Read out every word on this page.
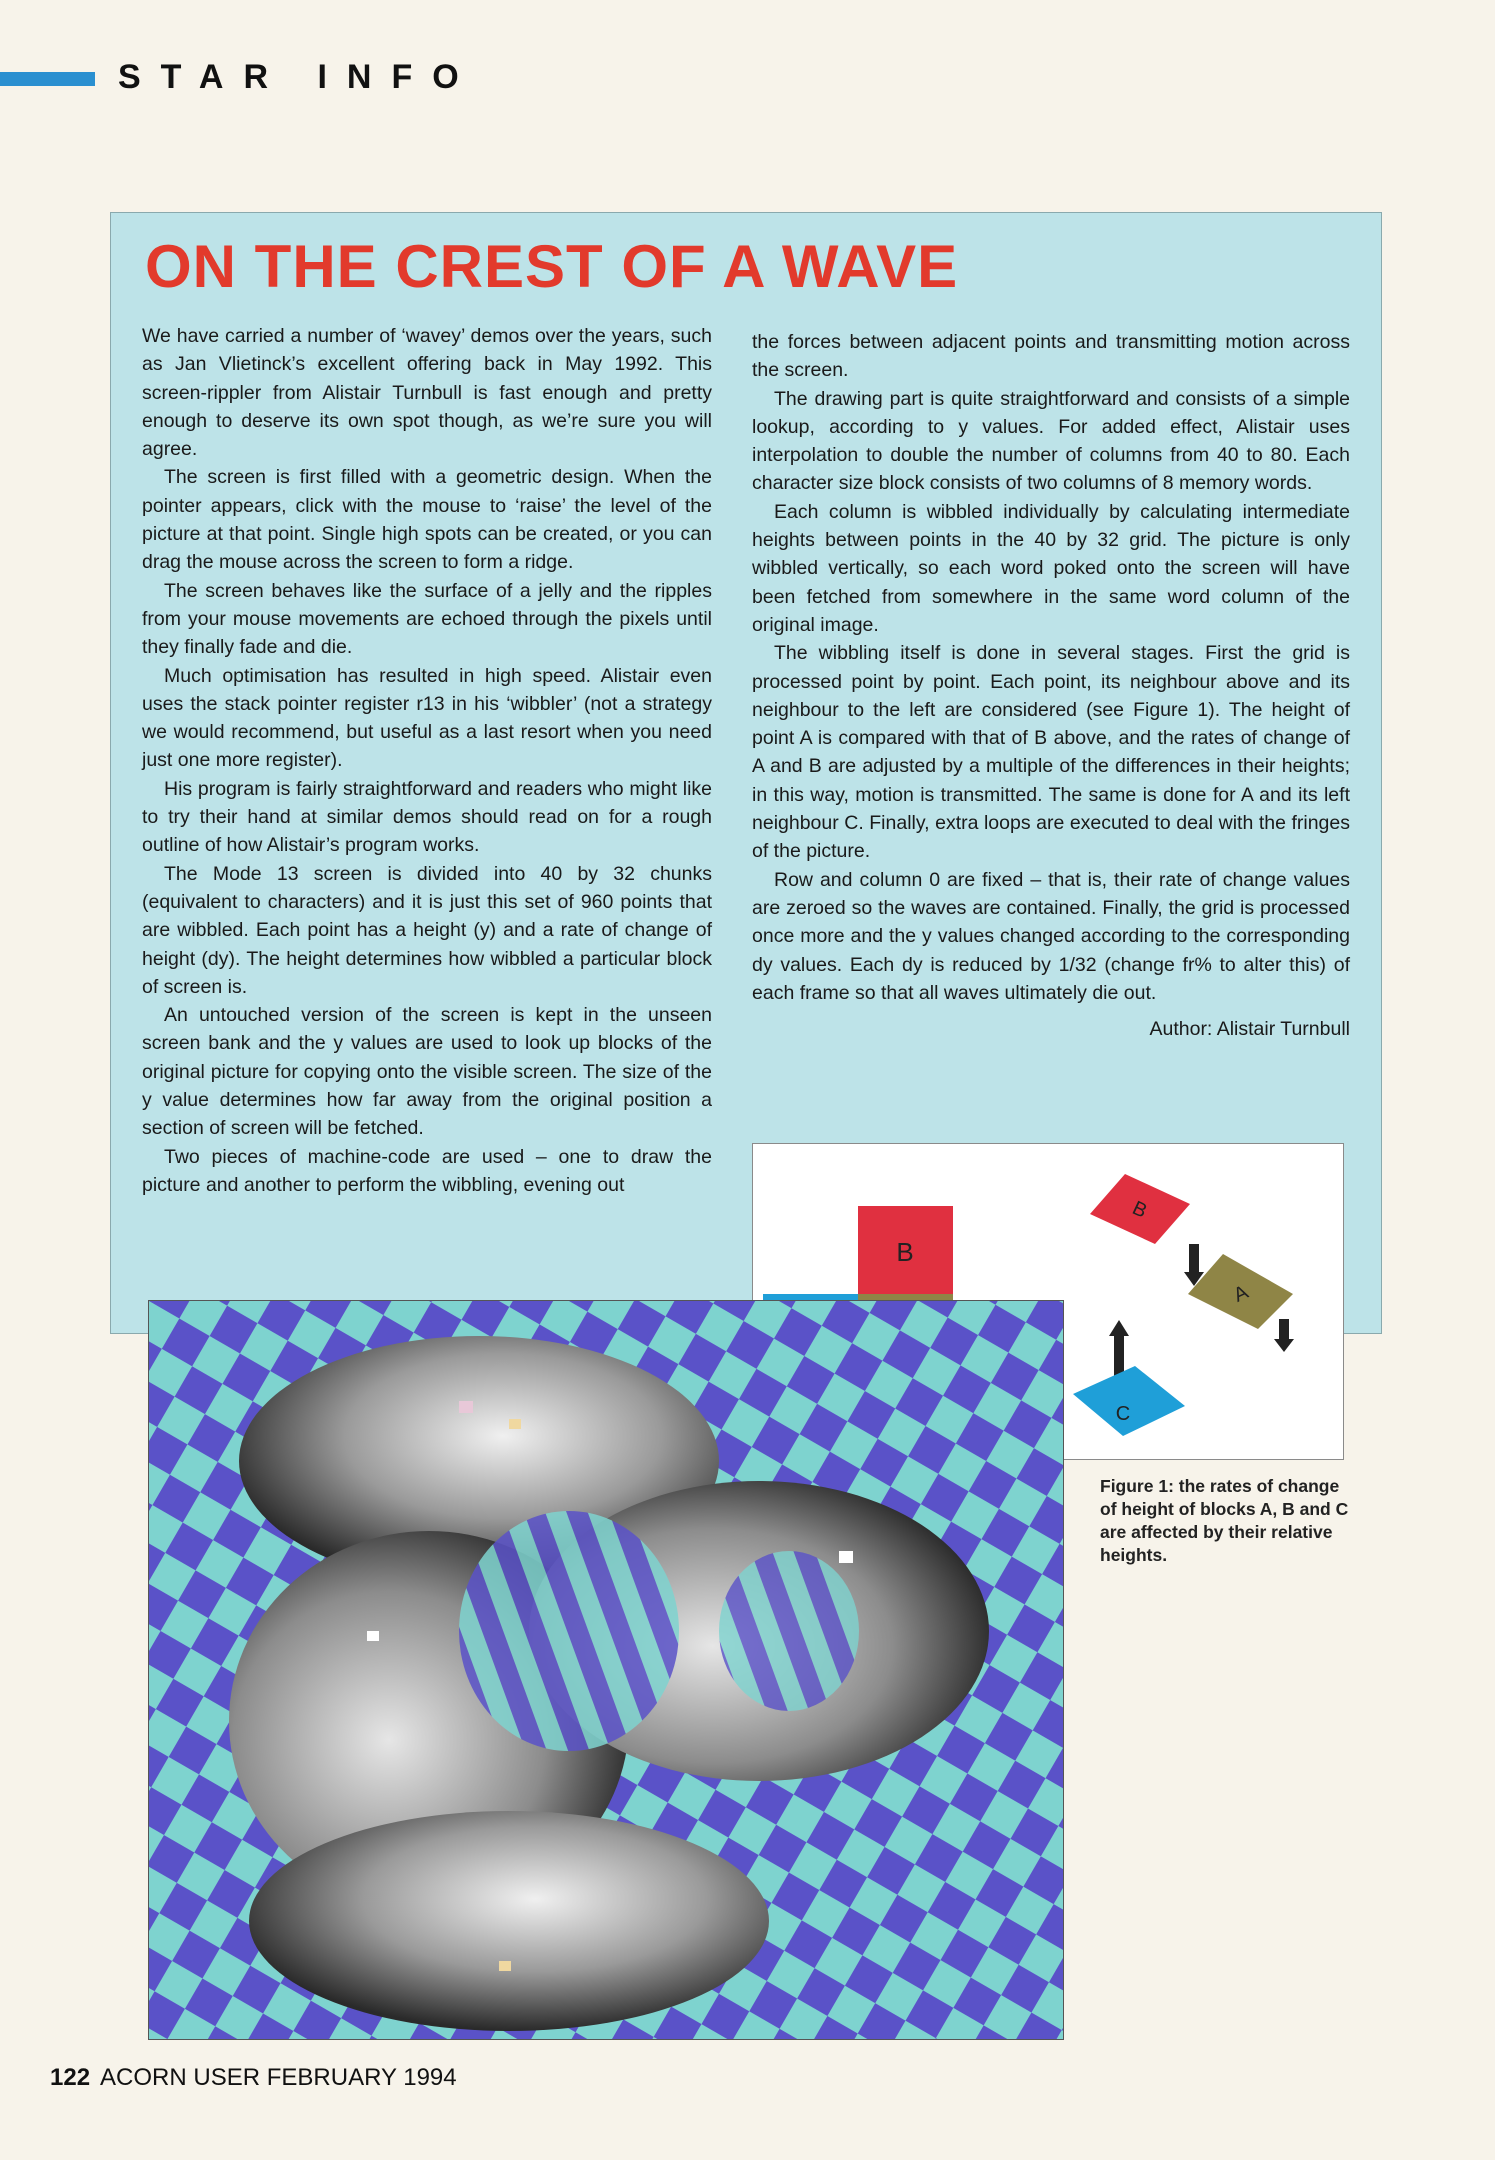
STAR INFO
ON THE CREST OF A WAVE

We have carried a number of ‘wavey’ demos over the years, such as Jan Vlietinck’s excellent offering back in May 1992. This screen-rippler from Alistair Turnbull is fast enough and pretty enough to deserve its own spot though, as we’re sure you will agree.

The screen is first filled with a geometric design. When the pointer appears, click with the mouse to ‘raise’ the level of the picture at that point. Single high spots can be created, or you can drag the mouse across the screen to form a ridge.

The screen behaves like the surface of a jelly and the ripples from your mouse movements are echoed through the pixels until they finally fade and die.

Much optimisation has resulted in high speed. Alistair even uses the stack pointer register r13 in his ‘wibbler’ (not a strategy we would recommend, but useful as a last resort when you need just one more register).

His program is fairly straightforward and readers who might like to try their hand at similar demos should read on for a rough outline of how Alistair’s program works.

The Mode 13 screen is divided into 40 by 32 chunks (equivalent to characters) and it is just this set of 960 points that are wibbled. Each point has a height (y) and a rate of change of height (dy). The height determines how wibbled a particular block of screen is.

An untouched version of the screen is kept in the unseen screen bank and the y values are used to look up blocks of the original picture for copying onto the visible screen. The size of the y value determines how far away from the original position a section of screen will be fetched.

Two pieces of machine-code are used – one to draw the picture and another to perform the wibbling, evening out

the forces between adjacent points and transmitting motion across the screen.

The drawing part is quite straightforward and consists of a simple lookup, according to y values. For added effect, Alistair uses interpolation to double the number of columns from 40 to 80. Each character size block consists of two columns of 8 memory words.

Each column is wibbled individually by calculating intermediate heights between points in the 40 by 32 grid. The picture is only wibbled vertically, so each word poked onto the screen will have been fetched from somewhere in the same word column of the original image.

The wibbling itself is done in several stages. First the grid is processed point by point. Each point, its neighbour above and its neighbour to the left are considered (see Figure 1). The height of point A is compared with that of B above, and the rates of change of A and B are adjusted by a multiple of the differences in their heights; in this way, motion is transmitted. The same is done for A and its left neighbour C. Finally, extra loops are executed to deal with the fringes of the picture.

Row and column 0 are fixed – that is, their rate of change values are zeroed so the waves are contained. Finally, the grid is processed once more and the y values changed according to the corresponding dy values. Each dy is reduced by 1/32 (change fr% to alter this) of each frame so that all waves ultimately die out.

Author: Alistair Turnbull
B
B
A
C
Figure 1: the rates of change of height of blocks A, B and C are affected by their relative heights.
122 ACORN USER FEBRUARY 1994
